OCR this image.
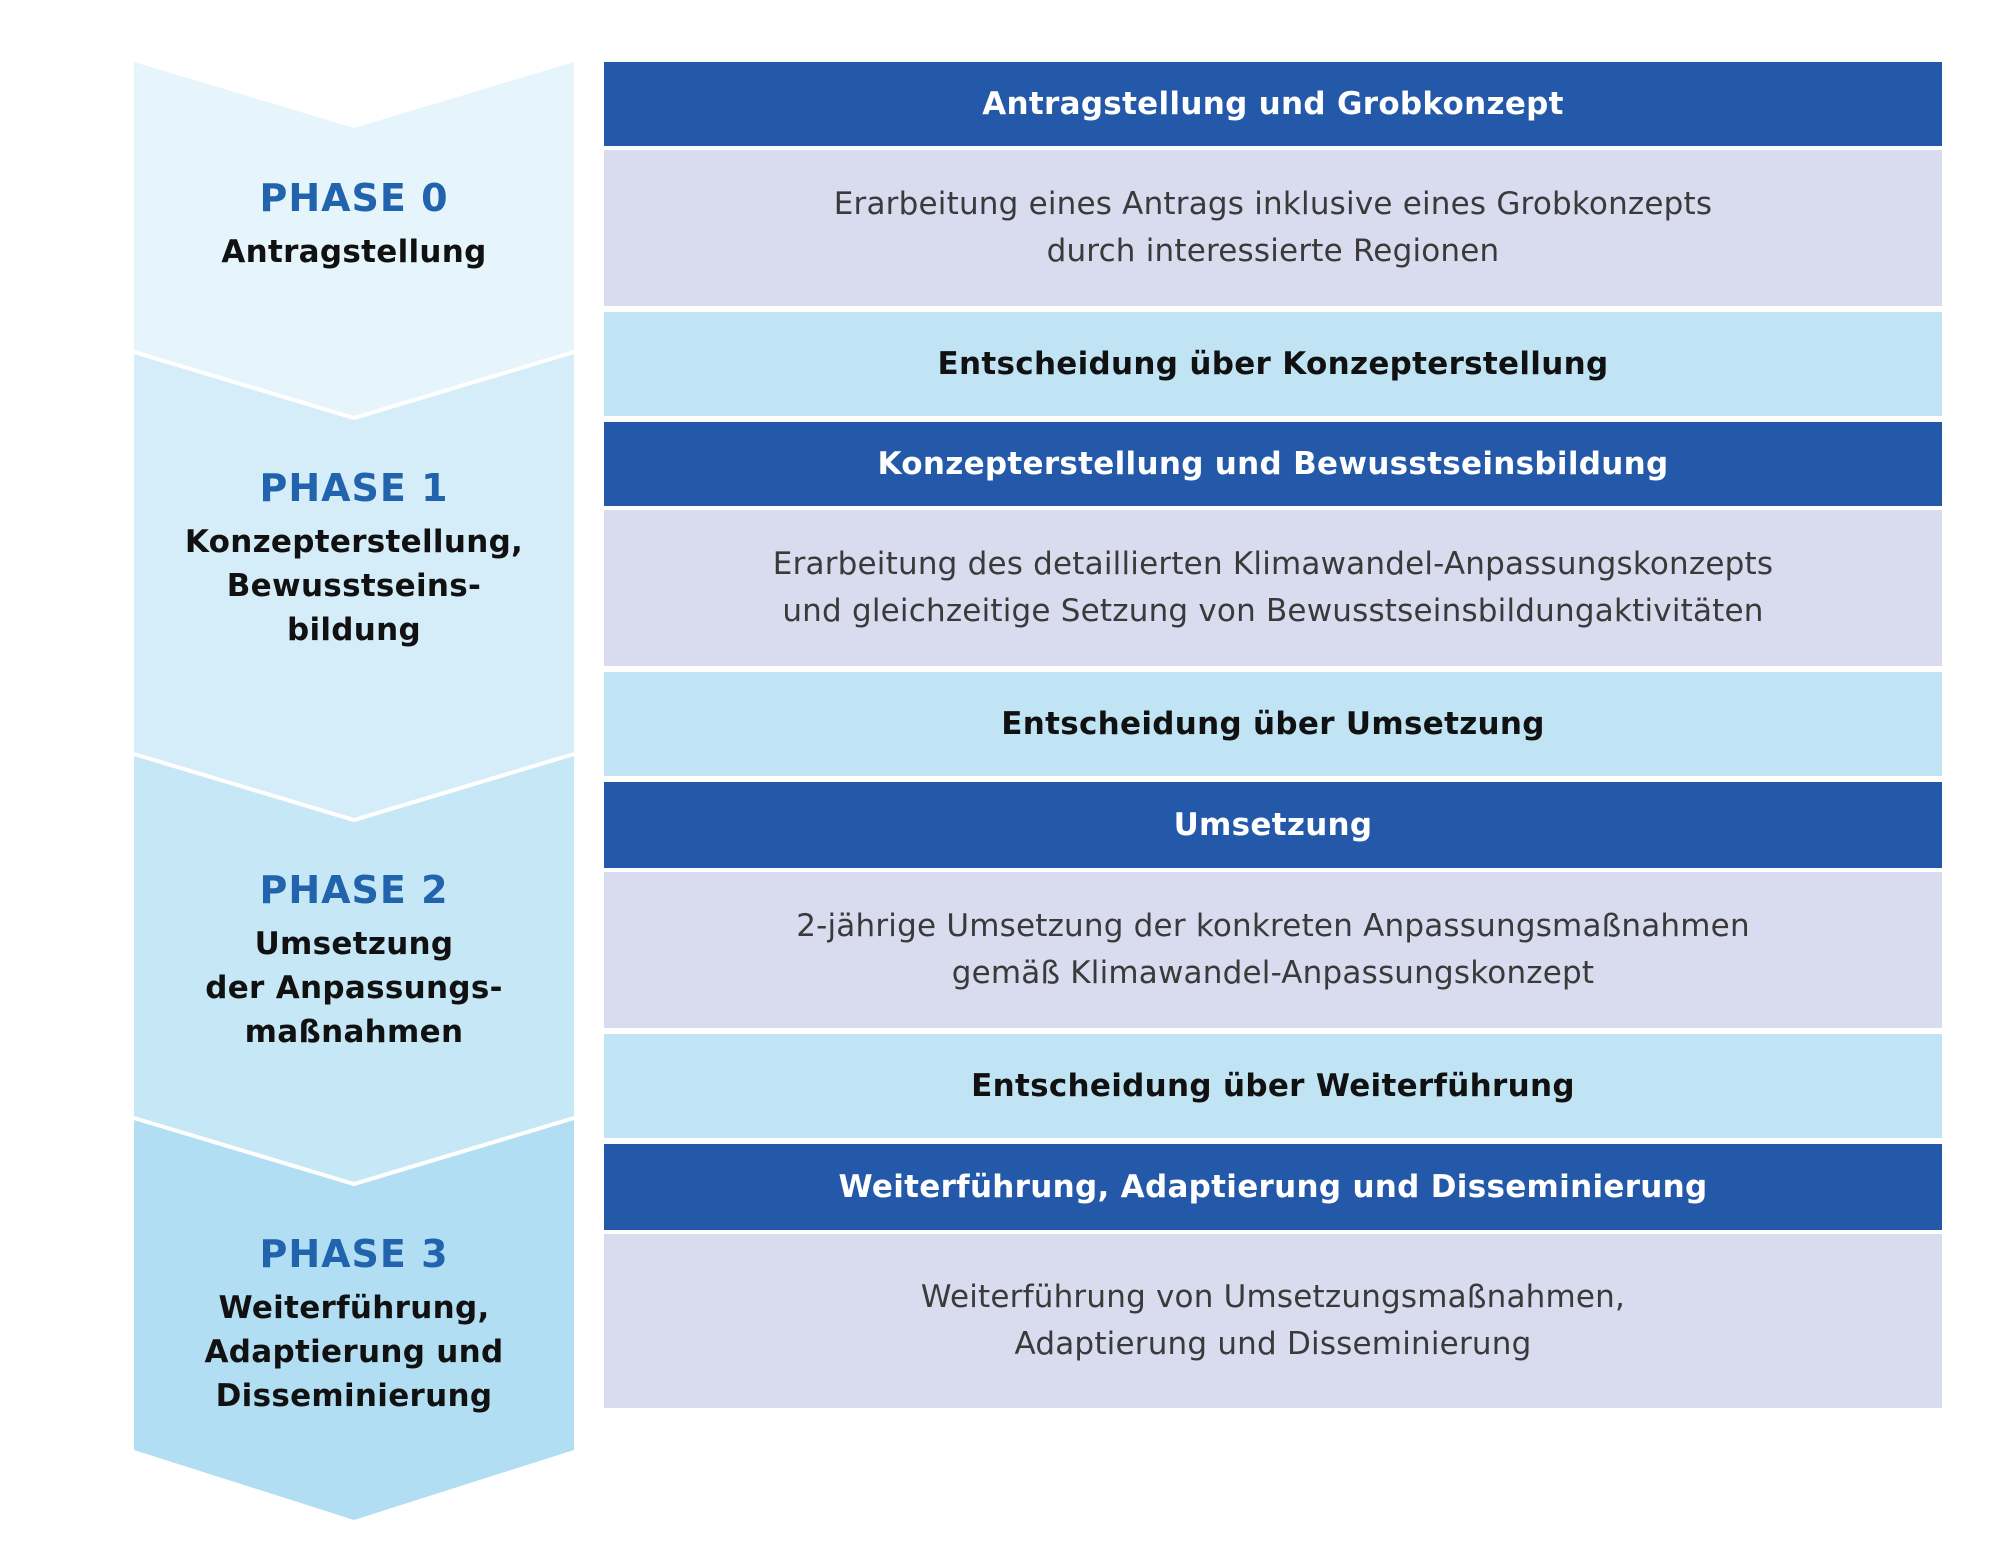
PHASE 0
Antragstellung
PHASE 1
Konzepterstellung,
Bewusstseins-
bildung
PHASE 2
Umsetzung
der Anpassungs-
maßnahmen
PHASE 3
Weiterführung,
Adaptierung und
Disseminierung
Antragstellung und Grobkonzept
Erarbeitung eines Antrags inklusive eines Grobkonzepts
durch interessierte Regionen
Entscheidung über Konzepterstellung
Konzepterstellung und Bewusstseinsbildung
Erarbeitung des detaillierten Klimawandel-Anpassungskonzepts
und gleichzeitige Setzung von Bewusstseinsbildungaktivitäten
Entscheidung über Umsetzung
Umsetzung
2-jährige Umsetzung der konkreten Anpassungsmaßnahmen
gemäß Klimawandel-Anpassungskonzept
Entscheidung über Weiterführung
Weiterführung, Adaptierung und Disseminierung
Weiterführung von Umsetzungsmaßnahmen,
Adaptierung und Disseminierung
